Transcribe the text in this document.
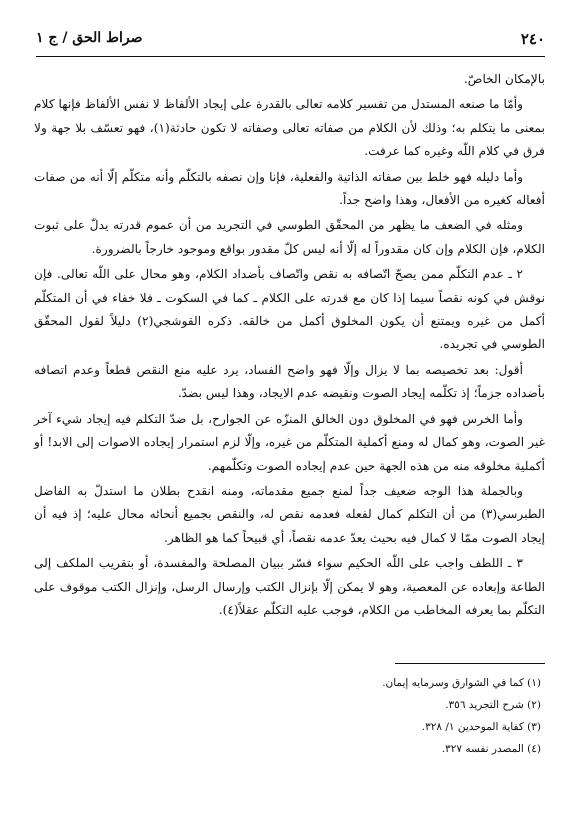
٢٤٠
صراط الحق / ج ١

بالإمكان الخاصّ.

وأمّا ما صنعه المستدل من تفسير كلامه تعالى بالقدرة على إيجاد الألفاظ لا نفس الألفاظ فإنها كلام بمعنى ما يتكلم به؛ وذلك لأن الكلام من صفاته تعالى وصفاته لا تكون حادثة(١)، فهو تعسّف بلا جهة ولا فرق في كلام اللّه وغيره كما عرفت.

وأما دليله فهو خلط بين صفاته الذاتية والفعلية، فإنا وإن نصفه بالتكلّم وأنه متكلّم إلّا أنه من صفات أفعاله كغيره من الأفعال، وهذا واضح جداً.

ومثله في الضعف ما يظهر من المحقّق الطوسي في التجريد من أن عموم قدرته يدلّ على ثبوت الكلام، فإن الكلام وإن كان مقدوراً له إلّا أنه ليس كلّ مقدور بواقع وموجود خارجاً بالضرورة.

٢ ـ عدم التكلّم ممن يصحّ اتّصافه به نقص واتّصاف بأضداد الكلام، وهو محال على اللّه تعالى. فإن نوقش في كونه نقصاً سيما إذا كان مع قدرته على الكلام ـ كما في السكوت ـ فلا خفاء في أن المتكلّم أكمل من غيره ويمتنع أن يكون المخلوق أكمل من خالقه. ذكره القوشجي(٢) دليلاً لقول المحقّق الطوسي في تجريده.

أقول: بعد تخصيصه بما لا يزال وإلّا فهو واضح الفساد، يرد عليه منع النقص قطعاً وعدم اتصافه بأضداده جزماً؛ إذ تكلّمه إيجاد الصوت ونقيضه عدم الايجاد، وهذا ليس بضدّ.

وأما الخرس فهو في المخلوق دون الخالق المنزّه عن الجوارح، بل ضدّ التكلم فيه إيجاد شيء آخر غير الصوت، وهو كمال له ومنع أكملية المتكلّم من غيره، وإلّا لزم استمرار إيجاده الاصوات إلى الابد! أو أكملية مخلوقه منه من هذه الجهة حين عدم إيجاده الصوت وتكلّمهم.

وبالجملة هذا الوجه ضعيف جداً لمنع جميع مقدماته، ومنه انقدح بطلان ما استدلّ به الفاضل الطبرسي(٣) من أن التكلم كمال لفعله فعدمه نقص له، والنقص بجميع أنحائه محال عليه؛ إذ فيه أن إيجاد الصوت ممّا لا كمال فيه بحيث يعدّ عدمه نقصاً، أي قبيحاً كما هو الظاهر.

٣ ـ اللطف واجب على اللّه الحكيم سواء فسّر ببيان المصلحة والمفسدة، أو بتقريب الملكف إلى الطاعة وإبعاده عن المعصية، وهو لا يمكن إلّا بإنزال الكتب وإرسال الرسل، وإنزال الكتب موقوف على التكلّم بما يعرفه المخاطب من الكلام، فوجب عليه التكلّم عقلاً(٤).

(١) كما في الشوارق وسرمايه إيمان.
(٢) شرح التجريد ٣٥٦.
(٣) كفاية الموحدين ١/ ٣٢٨.
(٤) المصدر نفسه ٣٢٧.
